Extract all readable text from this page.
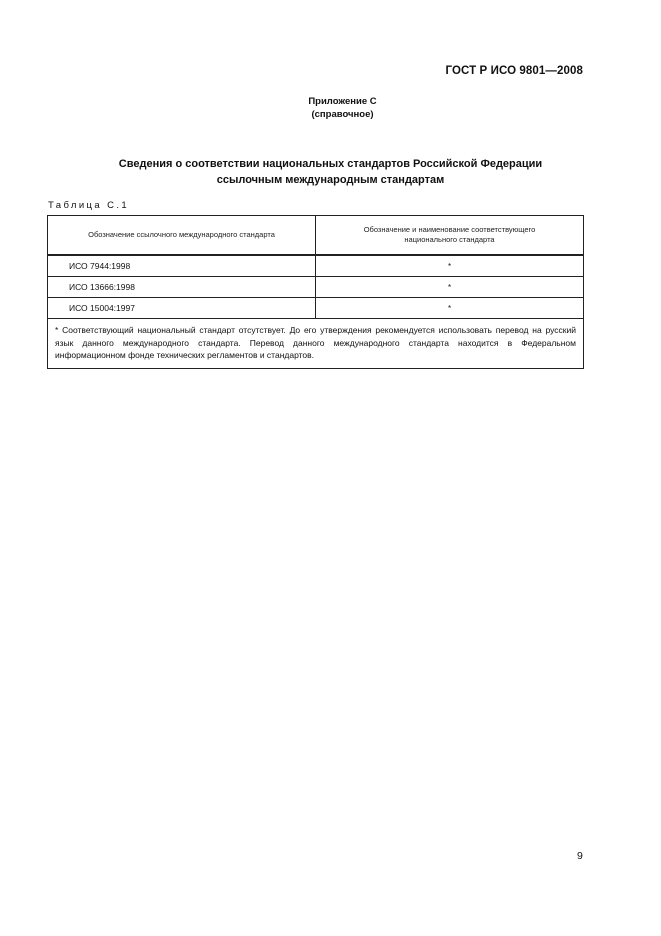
ГОСТ Р ИСО 9801—2008
Приложение С
(справочное)
Сведения о соответствии национальных стандартов Российской Федерации
ссылочным международным стандартам
Таблица С.1
Обозначение ссылочного международного стандарта	Обозначение и наименование соответствующего национального стандарта
ИСО 7944:1998	*
ИСО 13666:1998	*
ИСО 15004:1997	*
* Соответствующий национальный стандарт отсутствует. До его утверждения рекомендуется использовать перевод на русский язык данного международного стандарта. Перевод данного международного стандарта находится в Федеральном информационном фонде технических регламентов и стандартов.	
9
